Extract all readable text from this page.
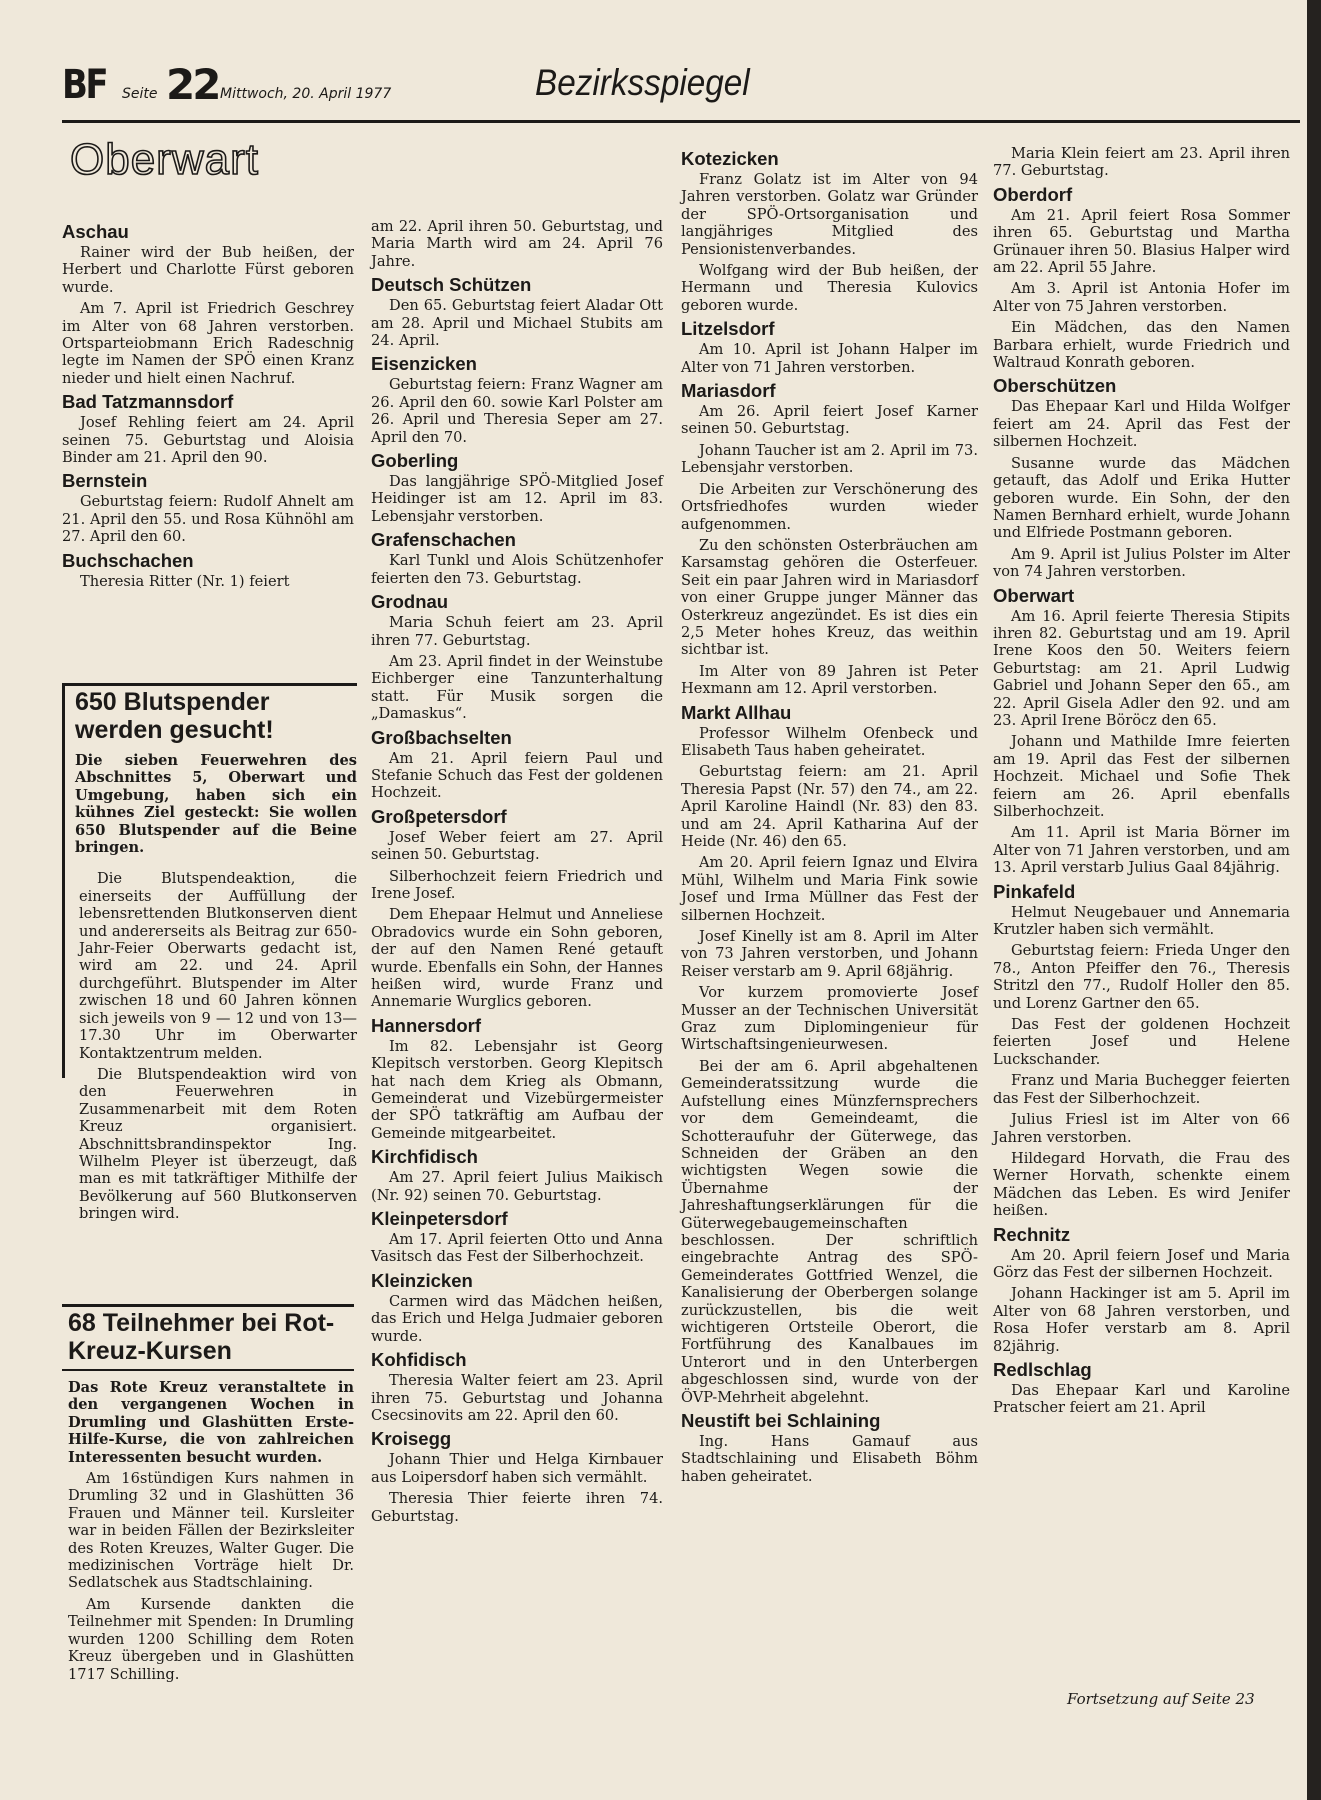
BF Seite 22 Mittwoch, 20. April 1977	Bezirksspiegel
Oberwart
Aschau

Rainer wird der Bub heißen, der Herbert und Charlotte Fürst geboren wurde.

Am 7. April ist Friedrich Geschrey im Alter von 68 Jahren verstorben. Ortsparteiobmann Erich Radeschnig legte im Namen der SPÖ einen Kranz nieder und hielt einen Nachruf.

Bad Tatzmannsdorf

Josef Rehling feiert am 24. April seinen 75. Geburtstag und Aloisia Binder am 21. April den 90.

Bernstein

Geburtstag feiern: Rudolf Ahnelt am 21. April den 55. und Rosa Kühnöhl am 27. April den 60.

Buchschachen

Theresia Ritter (Nr. 1) feiert

650 Blutspender werden gesucht!
Die sieben Feuerwehren des Abschnittes 5, Oberwart und Umgebung, haben sich ein kühnes Ziel gesteckt: Sie wollen 650 Blutspender auf die Beine bringen.

Die Blutspendeaktion, die einerseits der Auffüllung der lebensrettenden Blutkonserven dient und andererseits als Beitrag zur 650-Jahr-Feier Oberwarts gedacht ist, wird am 22. und 24. April durchgeführt. Blutspender im Alter zwischen 18 und 60 Jahren können sich jeweils von 9 — 12 und von 13—17.30 Uhr im Oberwarter Kontaktzentrum melden.

Die Blutspendeaktion wird von den Feuerwehren in Zusammenarbeit mit dem Roten Kreuz organisiert. Abschnittsbrandinspektor Ing. Wilhelm Pleyer ist überzeugt, daß man es mit tatkräftiger Mithilfe der Bevölkerung auf 560 Blutkonserven bringen wird.

68 Teilnehmer bei Rot-Kreuz-Kursen
Das Rote Kreuz veranstaltete in den vergangenen Wochen in Drumling und Glashütten Erste-Hilfe-Kurse, die von zahlreichen Interessenten besucht wurden.

Am 16stündigen Kurs nahmen in Drumling 32 und in Glashütten 36 Frauen und Männer teil. Kursleiter war in beiden Fällen der Bezirksleiter des Roten Kreuzes, Walter Guger. Die medizinischen Vorträge hielt Dr. Sedlatschek aus Stadtschlaining.

Am Kursende dankten die Teilnehmer mit Spenden: In Drumling wurden 1200 Schilling dem Roten Kreuz übergeben und in Glashütten 1717 Schilling.

am 22. April ihren 50. Geburtstag, und Maria Marth wird am 24. April 76 Jahre.

Deutsch Schützen

Den 65. Geburtstag feiert Aladar Ott am 28. April und Michael Stubits am 24. April.

Eisenzicken

Geburtstag feiern: Franz Wagner am 26. April den 60. sowie Karl Polster am 26. April und Theresia Seper am 27. April den 70.

Goberling

Das langjährige SPÖ-Mitglied Josef Heidinger ist am 12. April im 83. Lebensjahr verstorben.

Grafenschachen

Karl Tunkl und Alois Schützenhofer feierten den 73. Geburtstag.

Grodnau

Maria Schuh feiert am 23. April ihren 77. Geburtstag.

Am 23. April findet in der Weinstube Eichberger eine Tanzunterhaltung statt. Für Musik sorgen die „Damaskus“.

Großbachselten

Am 21. April feiern Paul und Stefanie Schuch das Fest der goldenen Hochzeit.

Großpetersdorf

Josef Weber feiert am 27. April seinen 50. Geburtstag.

Silberhochzeit feiern Friedrich und Irene Josef.

Dem Ehepaar Helmut und Anneliese Obradovics wurde ein Sohn geboren, der auf den Namen René getauft wurde. Ebenfalls ein Sohn, der Hannes heißen wird, wurde Franz und Annemarie Wurglics geboren.

Hannersdorf

Im 82. Lebensjahr ist Georg Klepitsch verstorben. Georg Klepitsch hat nach dem Krieg als Obmann, Gemeinderat und Vizebürgermeister der SPÖ tatkräftig am Aufbau der Gemeinde mitgearbeitet.

Kirchfidisch

Am 27. April feiert Julius Maikisch (Nr. 92) seinen 70. Geburtstag.

Kleinpetersdorf

Am 17. April feierten Otto und Anna Vasitsch das Fest der Silberhochzeit.

Kleinzicken

Carmen wird das Mädchen heißen, das Erich und Helga Judmaier geboren wurde.

Kohfidisch

Theresia Walter feiert am 23. April ihren 75. Geburtstag und Johanna Csecsinovits am 22. April den 60.

Kroisegg

Johann Thier und Helga Kirnbauer aus Loipersdorf haben sich vermählt.

Theresia Thier feierte ihren 74. Geburtstag.

Kotezicken

Franz Golatz ist im Alter von 94 Jahren verstorben. Golatz war Gründer der SPÖ-Ortsorganisation und langjähriges Mitglied des Pensionistenverbandes.

Wolfgang wird der Bub heißen, der Hermann und Theresia Kulovics geboren wurde.

Litzelsdorf

Am 10. April ist Johann Halper im Alter von 71 Jahren verstorben.

Mariasdorf

Am 26. April feiert Josef Karner seinen 50. Geburtstag.

Johann Taucher ist am 2. April im 73. Lebensjahr verstorben.

Die Arbeiten zur Verschönerung des Ortsfriedhofes wurden wieder aufgenommen.

Zu den schönsten Osterbräuchen am Karsamstag gehören die Osterfeuer. Seit ein paar Jahren wird in Mariasdorf von einer Gruppe junger Männer das Osterkreuz angezündet. Es ist dies ein 2,5 Meter hohes Kreuz, das weithin sichtbar ist.

Im Alter von 89 Jahren ist Peter Hexmann am 12. April verstorben.

Markt Allhau

Professor Wilhelm Ofenbeck und Elisabeth Taus haben geheiratet.

Geburtstag feiern: am 21. April Theresia Papst (Nr. 57) den 74., am 22. April Karoline Haindl (Nr. 83) den 83. und am 24. April Katharina Auf der Heide (Nr. 46) den 65.

Am 20. April feiern Ignaz und Elvira Mühl, Wilhelm und Maria Fink sowie Josef und Irma Müllner das Fest der silbernen Hochzeit.

Josef Kinelly ist am 8. April im Alter von 73 Jahren verstorben, und Johann Reiser verstarb am 9. April 68jährig.

Vor kurzem promovierte Josef Musser an der Technischen Universität Graz zum Diplomingenieur für Wirtschaftsingenieurwesen.

Bei der am 6. April abgehaltenen Gemeinderatssitzung wurde die Aufstellung eines Münzfernsprechers vor dem Gemeindeamt, die Schotteraufuhr der Güterwege, das Schneiden der Gräben an den wichtigsten Wegen sowie die Übernahme der Jahreshaftungserklärungen für die Güterwegebaugemeinschaften beschlossen. Der schriftlich eingebrachte Antrag des SPÖ-Gemeinderates Gottfried Wenzel, die Kanalisierung der Oberbergen solange zurückzustellen, bis die weit wichtigeren Ortsteile Oberort, die Fortführung des Kanalbaues im Unterort und in den Unterbergen abgeschlossen sind, wurde von der ÖVP-Mehrheit abgelehnt.

Neustift bei Schlaining

Ing. Hans Gamauf aus Stadtschlaining und Elisabeth Böhm haben geheiratet.

Maria Klein feiert am 23. April ihren 77. Geburtstag.

Oberdorf

Am 21. April feiert Rosa Sommer ihren 65. Geburtstag und Martha Grünauer ihren 50. Blasius Halper wird am 22. April 55 Jahre.

Am 3. April ist Antonia Hofer im Alter von 75 Jahren verstorben.

Ein Mädchen, das den Namen Barbara erhielt, wurde Friedrich und Waltraud Konrath geboren.

Oberschützen

Das Ehepaar Karl und Hilda Wolfger feiert am 24. April das Fest der silbernen Hochzeit.

Susanne wurde das Mädchen getauft, das Adolf und Erika Hutter geboren wurde. Ein Sohn, der den Namen Bernhard erhielt, wurde Johann und Elfriede Postmann geboren.

Am 9. April ist Julius Polster im Alter von 74 Jahren verstorben.

Oberwart

Am 16. April feierte Theresia Stipits ihren 82. Geburtstag und am 19. April Irene Koos den 50. Weiters feiern Geburtstag: am 21. April Ludwig Gabriel und Johann Seper den 65., am 22. April Gisela Adler den 92. und am 23. April Irene Böröcz den 65.

Johann und Mathilde Imre feierten am 19. April das Fest der silbernen Hochzeit. Michael und Sofie Thek feiern am 26. April ebenfalls Silberhochzeit.

Am 11. April ist Maria Börner im Alter von 71 Jahren verstorben, und am 13. April verstarb Julius Gaal 84jährig.

Pinkafeld

Helmut Neugebauer und Annemaria Krutzler haben sich vermählt.

Geburtstag feiern: Frieda Unger den 78., Anton Pfeiffer den 76., Theresis Stritzl den 77., Rudolf Holler den 85. und Lorenz Gartner den 65.

Das Fest der goldenen Hochzeit feierten Josef und Helene Luckschander.

Franz und Maria Buchegger feierten das Fest der Silberhochzeit.

Julius Friesl ist im Alter von 66 Jahren verstorben.

Hildegard Horvath, die Frau des Werner Horvath, schenkte einem Mädchen das Leben. Es wird Jenifer heißen.

Rechnitz

Am 20. April feiern Josef und Maria Görz das Fest der silbernen Hochzeit.

Johann Hackinger ist am 5. April im Alter von 68 Jahren verstorben, und Rosa Hofer verstarb am 8. April 82jährig.

Redlschlag

Das Ehepaar Karl und Karoline Pratscher feiert am 21. April

Fortsetzung auf Seite 23
